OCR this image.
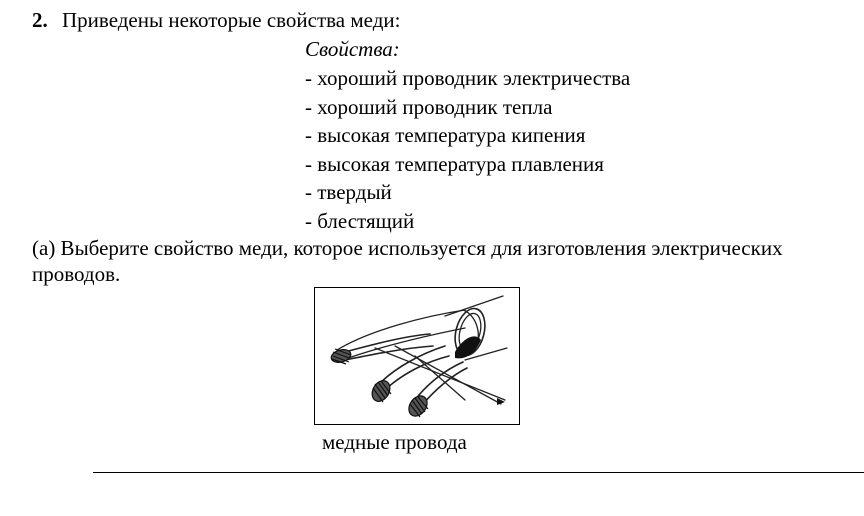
2. Приведены некоторые свойства меди:
Свойства:
- хороший проводник электричества
- хороший проводник тепла
- высокая температура кипения
- высокая температура плавления
- твердый
- блестящий
(а) Выберите свойство меди, которое используется для изготовления электрических проводов.
медные провода
